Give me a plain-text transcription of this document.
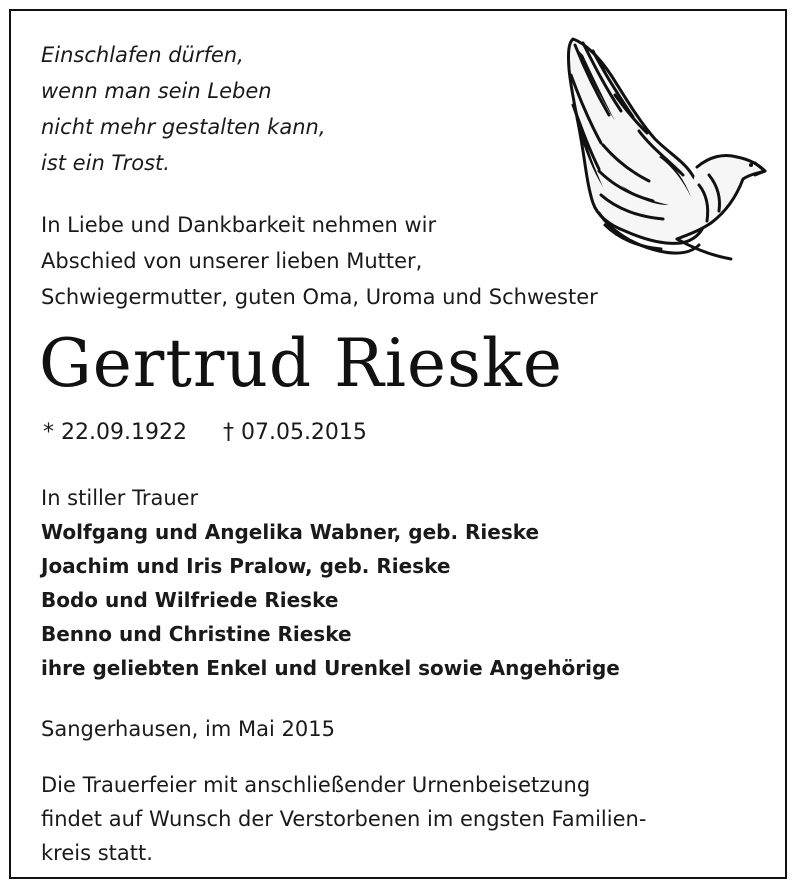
Einschlafen dürfen,
wenn man sein Leben
nicht mehr gestalten kann,
ist ein Trost.
In Liebe und Dankbarkeit nehmen wir
Abschied von unserer lieben Mutter,
Schwiegermutter, guten Oma, Uroma und Schwester
Gertrud Rieske
* 22.09.1922 † 07.05.2015
In stiller Trauer
Wolfgang und Angelika Wabner, geb. Rieske
Joachim und Iris Pralow, geb. Rieske
Bodo und Wilfriede Rieske
Benno und Christine Rieske
ihre geliebten Enkel und Urenkel sowie Angehörige
Sangerhausen, im Mai 2015
Die Trauerfeier mit anschließender Urnenbeisetzung
findet auf Wunsch der Verstorbenen im engsten Familien-
kreis statt.
